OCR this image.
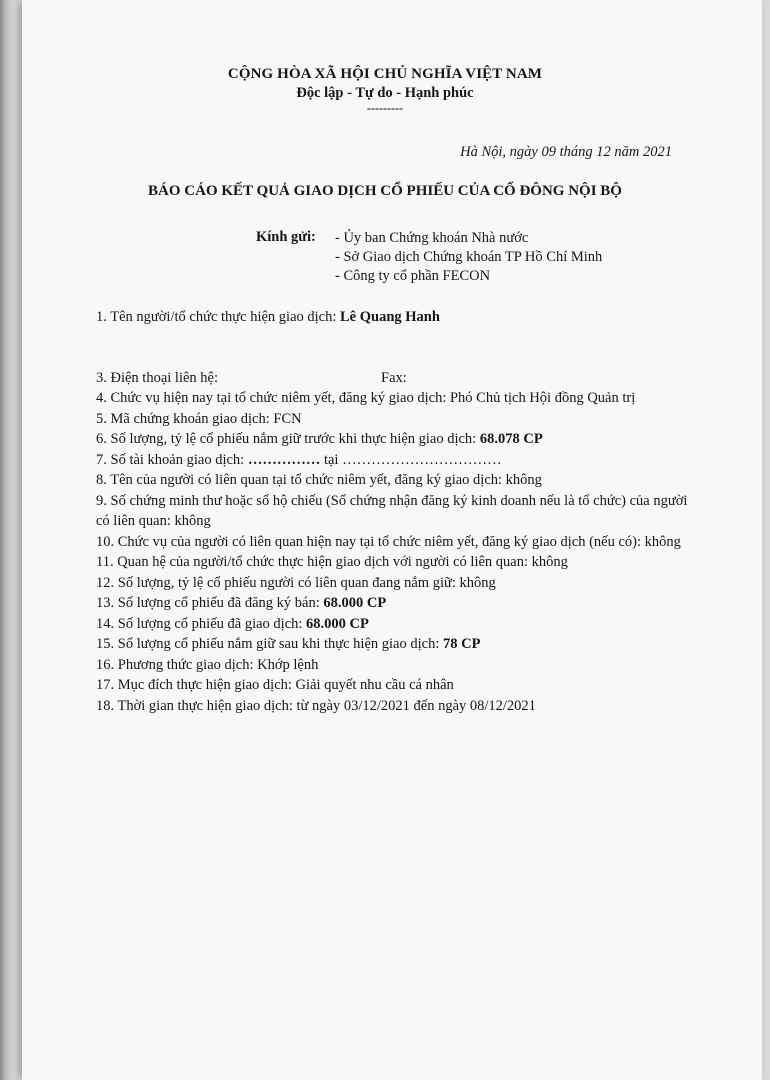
CỘNG HÒA XÃ HỘI CHỦ NGHĨA VIỆT NAM
Độc lập - Tự do - Hạnh phúc
---------
Hà Nội, ngày 09 tháng 12 năm 2021
BÁO CÁO KẾT QUẢ GIAO DỊCH CỔ PHIẾU CỦA CỔ ĐÔNG NỘI BỘ
Kính gửi: - Ủy ban Chứng khoán Nhà nước
- Sở Giao dịch Chứng khoán TP Hồ Chí Minh
- Công ty cổ phần FECON
1. Tên người/tổ chức thực hiện giao dịch: Lê Quang Hanh
3. Điện thoại liên hệ:	Fax:
4. Chức vụ hiện nay tại tổ chức niêm yết, đăng ký giao dịch: Phó Chủ tịch Hội đồng Quản trị
5. Mã chứng khoán giao dịch: FCN
6. Số lượng, tỷ lệ cổ phiếu nắm giữ trước khi thực hiện giao dịch: 68.078 CP
7. Số tài khoản giao dịch: …………… tại ……………………………
8. Tên của người có liên quan tại tổ chức niêm yết, đăng ký giao dịch: không
9. Số chứng minh thư hoặc số hộ chiếu (Số chứng nhận đăng ký kinh doanh nếu là tổ chức) của người có liên quan: không
10. Chức vụ của người có liên quan hiện nay tại tổ chức niêm yết, đăng ký giao dịch (nếu có): không
11. Quan hệ của người/tổ chức thực hiện giao dịch với người có liên quan: không
12. Số lượng, tỷ lệ cổ phiếu người có liên quan đang nắm giữ: không
13. Số lượng cổ phiếu đã đăng ký bán: 68.000 CP
14. Số lượng cổ phiếu đã giao dịch: 68.000 CP
15. Số lượng cổ phiếu nắm giữ sau khi thực hiện giao dịch: 78 CP
16. Phương thức giao dịch: Khớp lệnh
17. Mục đích thực hiện giao dịch: Giải quyết nhu cầu cá nhân
18. Thời gian thực hiện giao dịch: từ ngày 03/12/2021 đến ngày 08/12/2021
